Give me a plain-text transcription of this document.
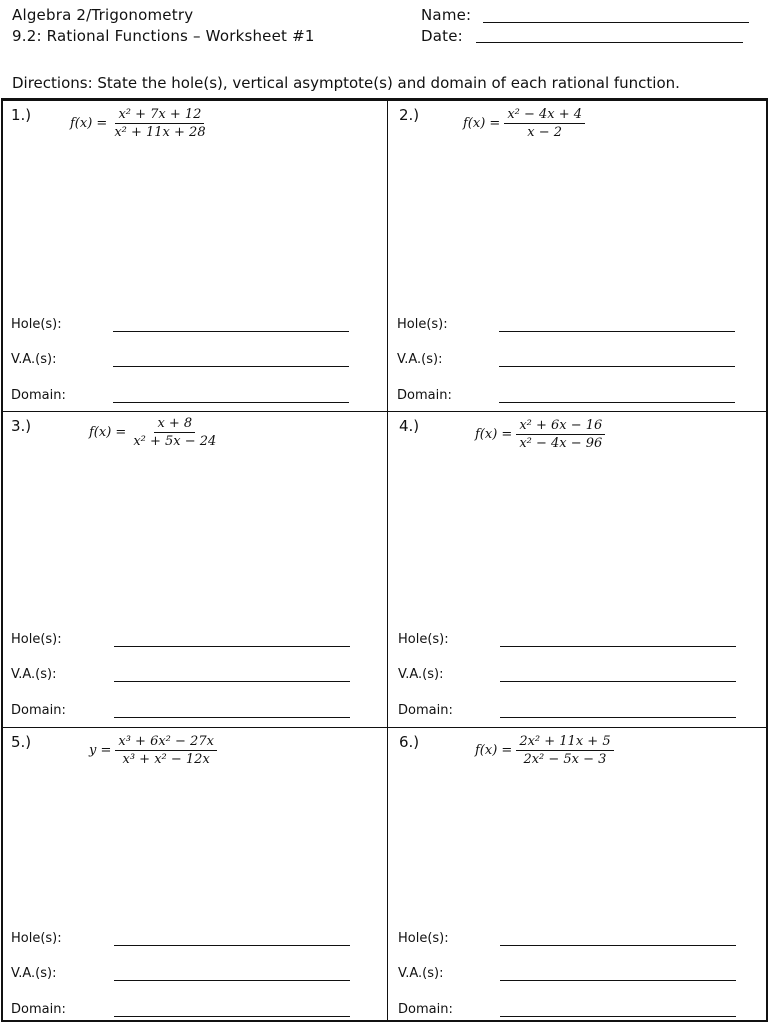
Algebra 2/Trigonometry
9.2: Rational Functions – Worksheet #1
Name:
Date:
Directions: State the hole(s), vertical asymptote(s) and domain of each rational function.
1.)	$f(x) = \frac{\text{x² + 7x + 12}}{\text{x² + 11x + 28}}$
Hole(s):
V.A.(s):
Domain:
2.)	$f(x) = \frac{\text{x² − 4x + 4}}{x - 2}$
Hole(s):
V.A.(s):
Domain:
3.)	$f(x) = \frac{x + 8}{\text{x² + 5x − 24}}$
Hole(s):
V.A.(s):
Domain:
4.)	$f(x) = \frac{\text{x² + 6x − 16}}{\text{x² − 4x − 96}}$
Hole(s):
V.A.(s):
Domain:
5.)	$y = \frac{\text{x³ + 6x² − 27x}}{\text{x³ + x² − 12x}}$
Hole(s):
V.A.(s):
Domain:
6.)	$f(x) = \frac{\text{2x² + 11x + 5}}{\text{2x² − 5x − 3}}$
Hole(s):
V.A.(s):
Domain:
